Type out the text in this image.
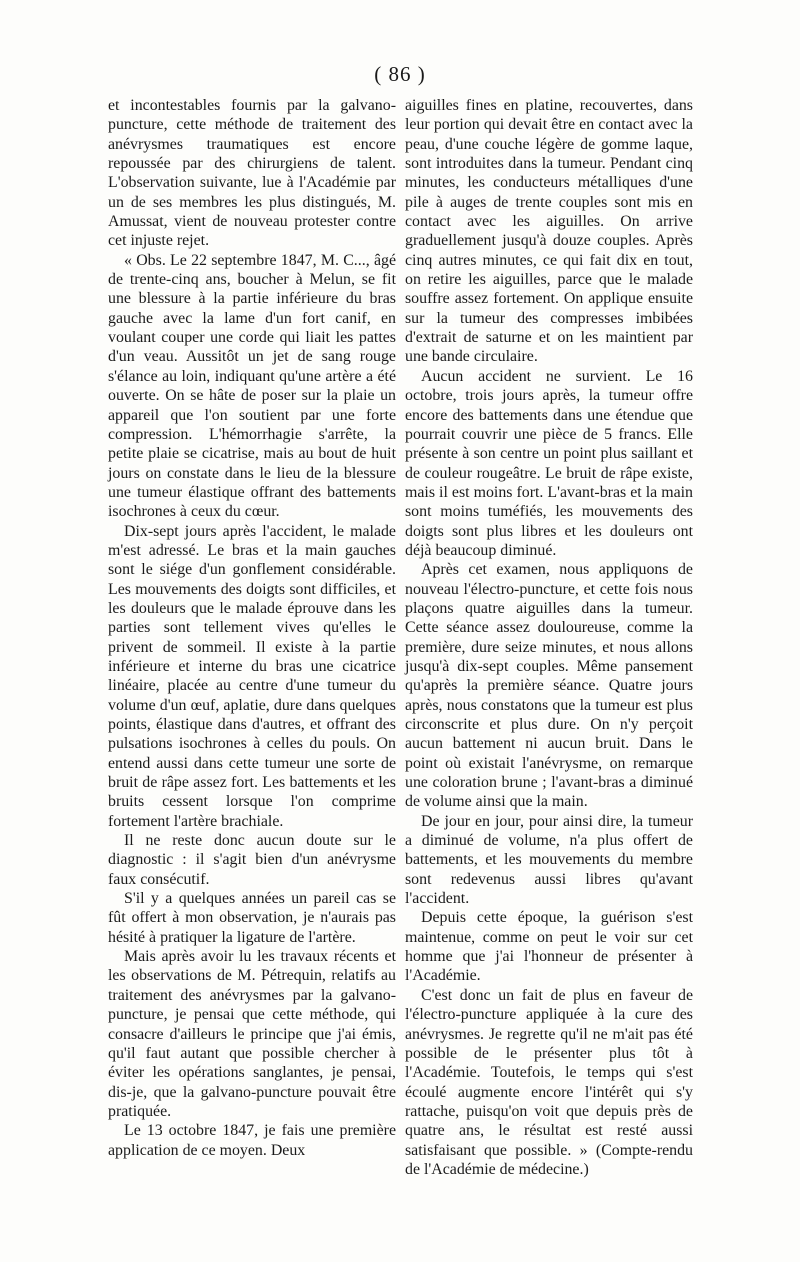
( 86 )

et incontestables fournis par la galvano-puncture, cette méthode de traitement des anévrysmes traumatiques est encore repoussée par des chirurgiens de talent. L'observation suivante, lue à l'Académie par un de ses membres les plus distingués, M. Amussat, vient de nouveau protester contre cet injuste rejet.

« Obs. Le 22 septembre 1847, M. C..., âgé de trente-cinq ans, boucher à Melun, se fit une blessure à la partie inférieure du bras gauche avec la lame d'un fort canif, en voulant couper une corde qui liait les pattes d'un veau. Aussitôt un jet de sang rouge s'élance au loin, indiquant qu'une artère a été ouverte. On se hâte de poser sur la plaie un appareil que l'on soutient par une forte compression. L'hémorrhagie s'arrête, la petite plaie se cicatrise, mais au bout de huit jours on constate dans le lieu de la blessure une tumeur élastique offrant des battements isochrones à ceux du cœur.

Dix-sept jours après l'accident, le malade m'est adressé. Le bras et la main gauches sont le siége d'un gonflement considérable. Les mouvements des doigts sont difficiles, et les douleurs que le malade éprouve dans les parties sont tellement vives qu'elles le privent de sommeil. Il existe à la partie inférieure et interne du bras une cicatrice linéaire, placée au centre d'une tumeur du volume d'un œuf, aplatie, dure dans quelques points, élastique dans d'autres, et offrant des pulsations isochrones à celles du pouls. On entend aussi dans cette tumeur une sorte de bruit de râpe assez fort. Les battements et les bruits cessent lorsque l'on comprime fortement l'artère brachiale.

Il ne reste donc aucun doute sur le diagnostic : il s'agit bien d'un anévrysme faux consécutif.

S'il y a quelques années un pareil cas se fût offert à mon observation, je n'aurais pas hésité à pratiquer la ligature de l'artère.

Mais après avoir lu les travaux récents et les observations de M. Pétrequin, relatifs au traitement des anévrysmes par la galvano-puncture, je pensai que cette méthode, qui consacre d'ailleurs le principe que j'ai émis, qu'il faut autant que possible chercher à éviter les opérations sanglantes, je pensai, dis-je, que la galvano-puncture pouvait être pratiquée.

Le 13 octobre 1847, je fais une première application de ce moyen. Deux

aiguilles fines en platine, recouvertes, dans leur portion qui devait être en contact avec la peau, d'une couche légère de gomme laque, sont introduites dans la tumeur. Pendant cinq minutes, les conducteurs métalliques d'une pile à auges de trente couples sont mis en contact avec les aiguilles. On arrive graduellement jusqu'à douze couples. Après cinq autres minutes, ce qui fait dix en tout, on retire les aiguilles, parce que le malade souffre assez fortement. On applique ensuite sur la tumeur des compresses imbibées d'extrait de saturne et on les maintient par une bande circulaire.

Aucun accident ne survient. Le 16 octobre, trois jours après, la tumeur offre encore des battements dans une étendue que pourrait couvrir une pièce de 5 francs. Elle présente à son centre un point plus saillant et de couleur rougeâtre. Le bruit de râpe existe, mais il est moins fort. L'avant-bras et la main sont moins tuméfiés, les mouvements des doigts sont plus libres et les douleurs ont déjà beaucoup diminué.

Après cet examen, nous appliquons de nouveau l'électro-puncture, et cette fois nous plaçons quatre aiguilles dans la tumeur. Cette séance assez douloureuse, comme la première, dure seize minutes, et nous allons jusqu'à dix-sept couples. Même pansement qu'après la première séance. Quatre jours après, nous constatons que la tumeur est plus circonscrite et plus dure. On n'y perçoit aucun battement ni aucun bruit. Dans le point où existait l'anévrysme, on remarque une coloration brune ; l'avant-bras a diminué de volume ainsi que la main.

De jour en jour, pour ainsi dire, la tumeur a diminué de volume, n'a plus offert de battements, et les mouvements du membre sont redevenus aussi libres qu'avant l'accident.

Depuis cette époque, la guérison s'est maintenue, comme on peut le voir sur cet homme que j'ai l'honneur de présenter à l'Académie.

C'est donc un fait de plus en faveur de l'électro-puncture appliquée à la cure des anévrysmes. Je regrette qu'il ne m'ait pas été possible de le présenter plus tôt à l'Académie. Toutefois, le temps qui s'est écoulé augmente encore l'intérêt qui s'y rattache, puisqu'on voit que depuis près de quatre ans, le résultat est resté aussi satisfaisant que possible. » (Compte-rendu de l'Académie de médecine.)
